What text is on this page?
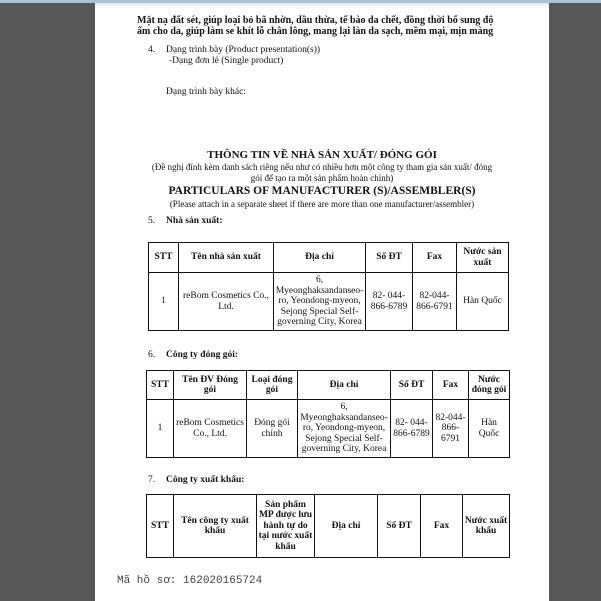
Mặt nạ đất sét, giúp loại bỏ bã nhờn, dầu thừa, tế bào da chết, đồng thời bổ sung độ
ẩm cho da, giúp làm se khít lỗ chân lông, mang lại làn da sạch, mềm mại, mịn màng
4. Dạng trình bày (Product presentation(s))
-Dạng đơn lẻ (Single product)
Dạng trình bày khác:
THÔNG TIN VỀ NHÀ SẢN XUẤT/ ĐÓNG GÓI
(Đề nghị đính kèm danh sách riêng nếu như có nhiều hơn một công ty tham gia sản xuất/ đóng
gói để tạo ra một sản phẩm hoàn chỉnh)
PARTICULARS OF MANUFACTURER (S)/ASSEMBLER(S)
(Please attach in a separate sheet if there are more than one manufacturer/assembler)
5. Nhà sản xuất:
STT	Tên nhà sản xuất	Địa chỉ	Số ĐT	Fax	Nước sản xuất
1	reBom Cosmetics Co., Ltd.	6, Myeonghaksandanseo-ro, Yeondong-myeon, Sejong Special Self-governing City, Korea	82- 044-866-6789	82-044-866-6791	Hàn Quốc
6. Công ty đóng gói:
STT	Tên ĐV Đóng gói	Loại đóng gói	Địa chỉ	Số ĐT	Fax	Nước đóng gói
1	reBom Cosmetics Co., Ltd.	Đóng gói chính	6, Myeonghaksandanseo-ro, Yeondong-myeon, Sejong Special Self-governing City, Korea	82- 044-866-6789	82-044-866-6791	Hàn Quốc
7. Công ty xuất khẩu:
STT	Tên công ty xuất khẩu	Sản phẩm MP được lưu hành tự do tại nước xuất khẩu	Địa chỉ	Số ĐT	Fax	Nước xuất khẩu
Mã hồ sơ: 162020165724
